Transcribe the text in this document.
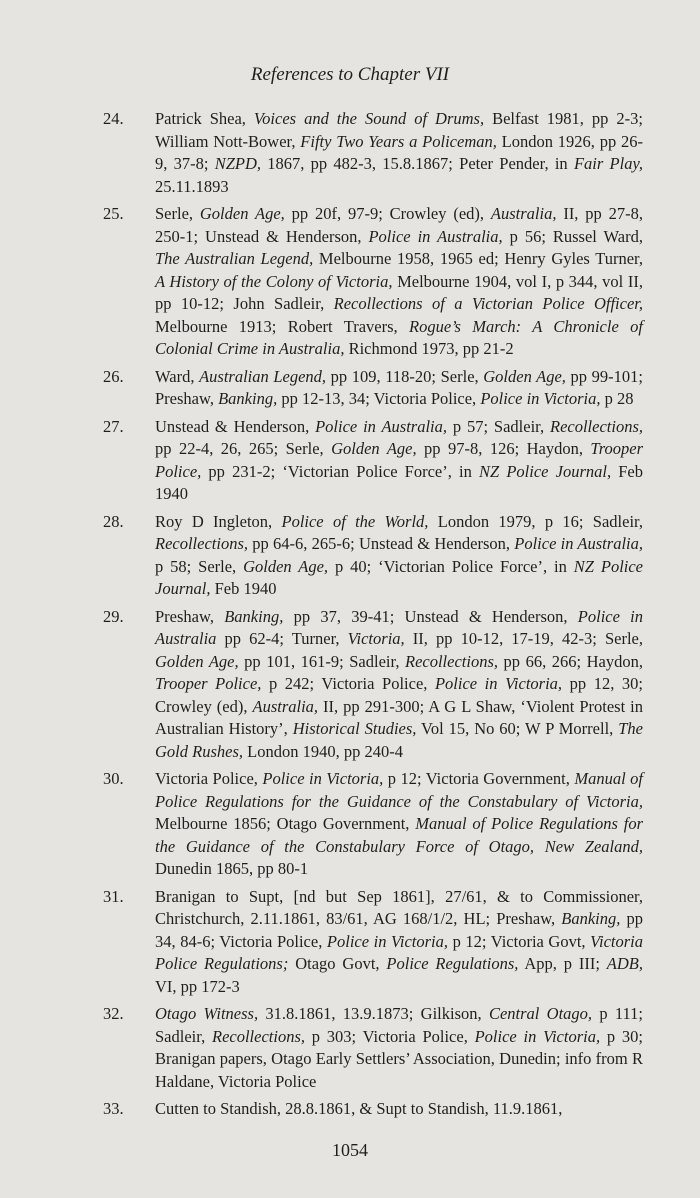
References to Chapter VII
24. Patrick Shea, Voices and the Sound of Drums, Belfast 1981, pp 2-3; William Nott-Bower, Fifty Two Years a Policeman, London 1926, pp 26-9, 37-8; NZPD, 1867, pp 482-3, 15.8.1867; Peter Pender, in Fair Play, 25.11.1893
25. Serle, Golden Age, pp 20f, 97-9; Crowley (ed), Australia, II, pp 27-8, 250-1; Unstead & Henderson, Police in Australia, p 56; Russel Ward, The Australian Legend, Melbourne 1958, 1965 ed; Henry Gyles Turner, A History of the Colony of Victoria, Melbourne 1904, vol I, p 344, vol II, pp 10-12; John Sadleir, Recollections of a Victorian Police Officer, Melbourne 1913; Robert Travers, Rogue’s March: A Chronicle of Colonial Crime in Australia, Richmond 1973, pp 21-2
26. Ward, Australian Legend, pp 109, 118-20; Serle, Golden Age, pp 99-101; Preshaw, Banking, pp 12-13, 34; Victoria Police, Police in Victoria, p 28
27. Unstead & Henderson, Police in Australia, p 57; Sadleir, Recollections, pp 22-4, 26, 265; Serle, Golden Age, pp 97-8, 126; Haydon, Trooper Police, pp 231-2; ‘Victorian Police Force’, in NZ Police Journal, Feb 1940
28. Roy D Ingleton, Police of the World, London 1979, p 16; Sadleir, Recollections, pp 64-6, 265-6; Unstead & Henderson, Police in Australia, p 58; Serle, Golden Age, p 40; ‘Victorian Police Force’, in NZ Police Journal, Feb 1940
29. Preshaw, Banking, pp 37, 39-41; Unstead & Henderson, Police in Australia pp 62-4; Turner, Victoria, II, pp 10-12, 17-19, 42-3; Serle, Golden Age, pp 101, 161-9; Sadleir, Recollections, pp 66, 266; Haydon, Trooper Police, p 242; Victoria Police, Police in Victoria, pp 12, 30; Crowley (ed), Australia, II, pp 291-300; A G L Shaw, ‘Violent Protest in Australian History’, Historical Studies, Vol 15, No 60; W P Morrell, The Gold Rushes, London 1940, pp 240-4
30. Victoria Police, Police in Victoria, p 12; Victoria Government, Manual of Police Regulations for the Guidance of the Constabulary of Victoria, Melbourne 1856; Otago Government, Manual of Police Regulations for the Guidance of the Constabulary Force of Otago, New Zealand, Dunedin 1865, pp 80-1
31. Branigan to Supt, [nd but Sep 1861], 27/61, & to Commissioner, Christchurch, 2.11.1861, 83/61, AG 168/1/2, HL; Preshaw, Banking, pp 34, 84-6; Victoria Police, Police in Victoria, p 12; Victoria Govt, Victoria Police Regulations; Otago Govt, Police Regulations, App, p III; ADB, VI, pp 172-3
32. Otago Witness, 31.8.1861, 13.9.1873; Gilkison, Central Otago, p 111; Sadleir, Recollections, p 303; Victoria Police, Police in Victoria, p 30; Branigan papers, Otago Early Settlers’ Association, Dunedin; info from R Haldane, Victoria Police
33. Cutten to Standish, 28.8.1861, & Supt to Standish, 11.9.1861,
1054
